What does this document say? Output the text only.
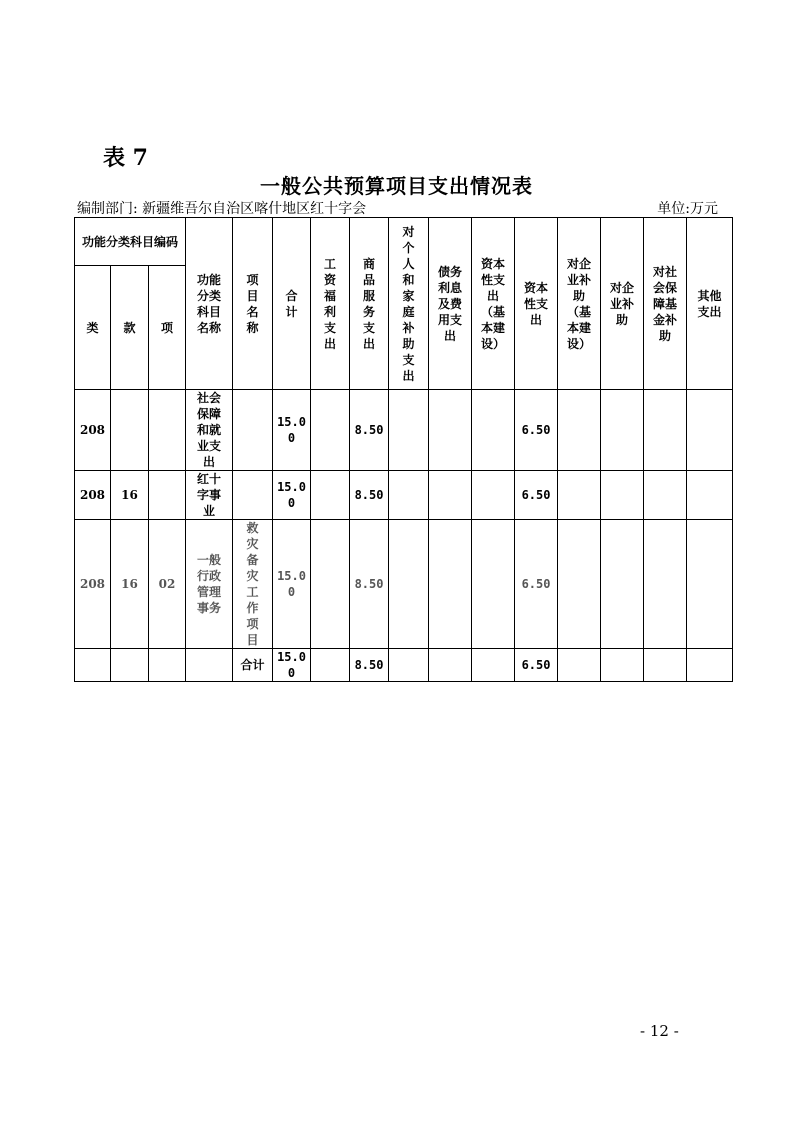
表 7
一般公共预算项目支出情况表
编制部门: 新疆维吾尔自治区喀什地区红十字会	单位:万元
功能分类科目编码			功能分类科目名称	项目名称	合计	工资福利支出	商品服务支出	对个人和家庭补助支出	债务利息及费用支出	资本性支出（基本建设）	资本性支出	对企业补助（基本建设）	对企业补助	对社会保障基金补助	其他支出
类	款	项													
208			社会保障和就业支出		15.00		8.50				6.50				
208	16		红十字事业		15.00		8.50				6.50				
208	16	02	一般行政管理事务	救灾备灾工作项目	15.00		8.50				6.50				
				合计	15.00		8.50				6.50				
- 12 -
